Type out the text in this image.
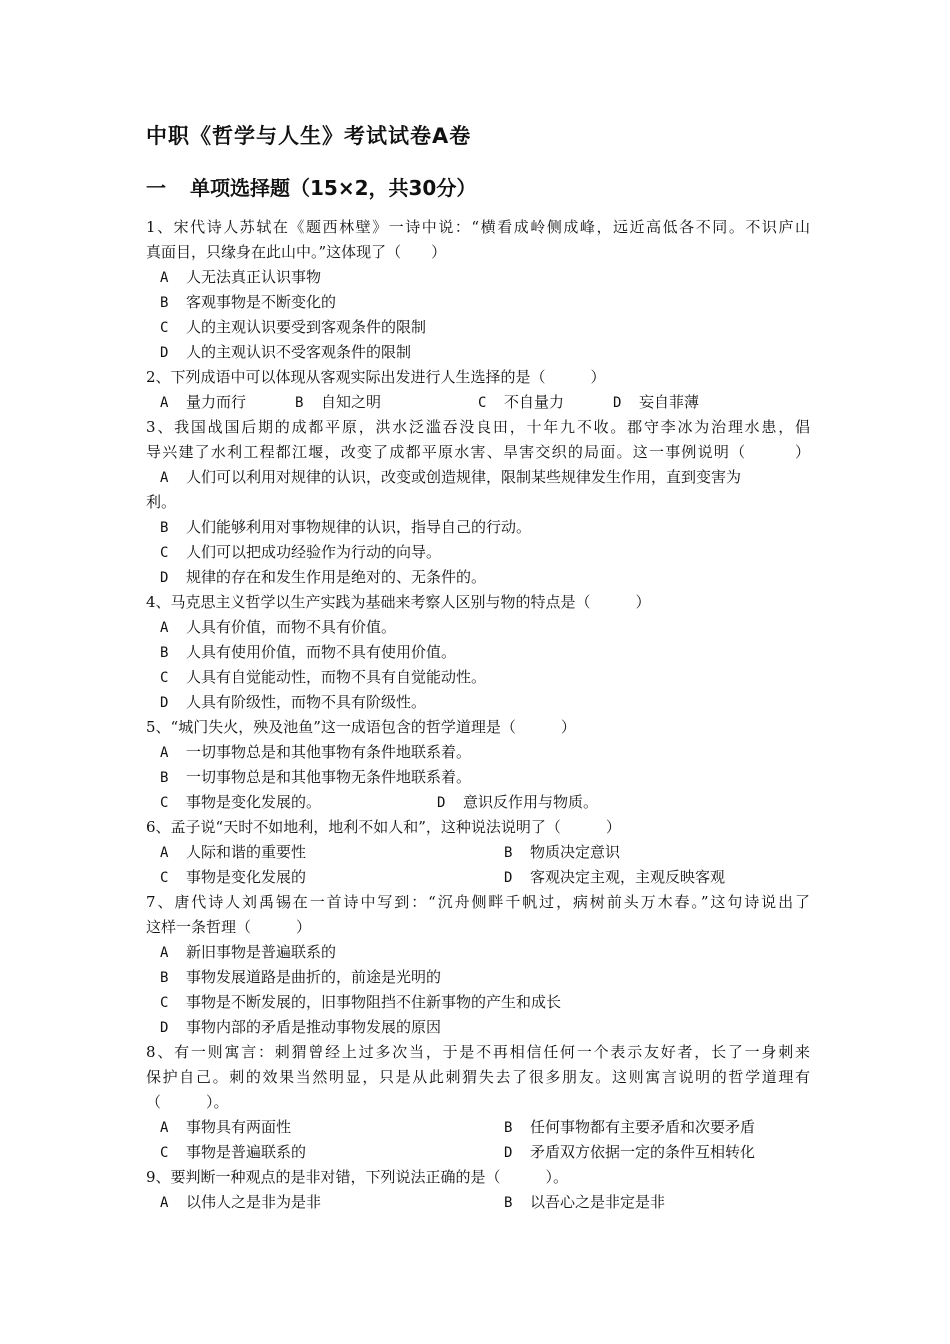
中职《哲学与人生》考试试卷A卷
一 单项选择题（15×2，共30分）
1、宋代诗人苏轼在《题西林壁》一诗中说：“横看成岭侧成峰，远近高低各不同。不识庐山
真面目，只缘身在此山中。”这体现了（　　）
A 人无法真正认识事物
B 客观事物是不断变化的
C 人的主观认识要受到客观条件的限制
D 人的主观认识不受客观条件的限制
2、下列成语中可以体现从客观实际出发进行人生选择的是（　　　）
A 量力而行	B 自知之明	C 不自量力	D 妄自菲薄
3、我国战国后期的成都平原，洪水泛滥吞没良田，十年九不收。郡守李冰为治理水患，倡
导兴建了水利工程都江堰，改变了成都平原水害、旱害交织的局面。这一事例说明（　　　）
A 人们可以利用对规律的认识，改变或创造规律，限制某些规律发生作用，直到变害为
利。
B 人们能够利用对事物规律的认识，指导自己的行动。
C 人们可以把成功经验作为行动的向导。
D 规律的存在和发生作用是绝对的、无条件的。
4、马克思主义哲学以生产实践为基础来考察人区别与物的特点是（　　　）
A 人具有价值，而物不具有价值。
B 人具有使用价值，而物不具有使用价值。
C 人具有自觉能动性，而物不具有自觉能动性。
D 人具有阶级性，而物不具有阶级性。
5、“城门失火，殃及池鱼”这一成语包含的哲学道理是（　　　）
A 一切事物总是和其他事物有条件地联系着。
B 一切事物总是和其他事物无条件地联系着。
C 事物是变化发展的。	D 意识反作用与物质。
6、孟子说“天时不如地利，地利不如人和”，这种说法说明了（　　　）
A 人际和谐的重要性	B 物质决定意识
C 事物是变化发展的	D 客观决定主观，主观反映客观
7、唐代诗人刘禹锡在一首诗中写到：“沉舟侧畔千帆过，病树前头万木春。”这句诗说出了
这样一条哲理（　　　）
A 新旧事物是普遍联系的
B 事物发展道路是曲折的，前途是光明的
C 事物是不断发展的，旧事物阻挡不住新事物的产生和成长
D 事物内部的矛盾是推动事物发展的原因
8、有一则寓言：刺猬曾经上过多次当，于是不再相信任何一个表示友好者，长了一身刺来
保护自己。刺的效果当然明显，只是从此刺猬失去了很多朋友。这则寓言说明的哲学道理有
（　　　）。
A 事物具有两面性	B 任何事物都有主要矛盾和次要矛盾
C 事物是普遍联系的	D 矛盾双方依据一定的条件互相转化
9、要判断一种观点的是非对错，下列说法正确的是（　　　）。
A 以伟人之是非为是非	B 以吾心之是非定是非
